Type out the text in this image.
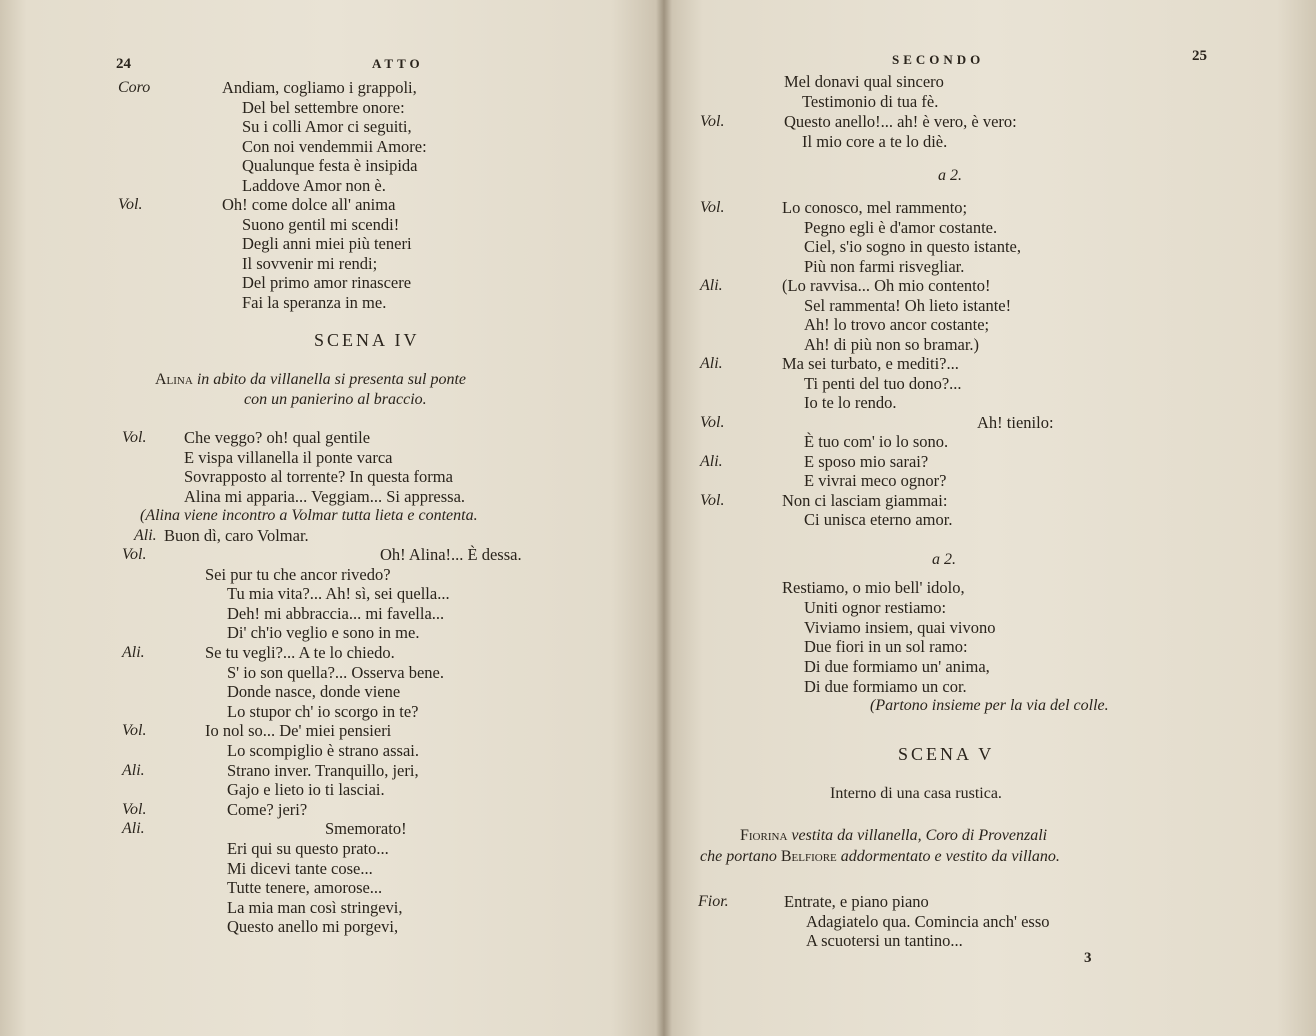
24	ATTO
Coro	Andiam, cogliamo i grappoli,
Del bel settembre onore:
Su i colli Amor ci seguiti,
Con noi vendemmii Amore:
Qualunque festa è insipida
Laddove Amor non è.
Vol.	Oh! come dolce all' anima
Suono gentil mi scendi!
Degli anni miei più teneri
Il sovvenir mi rendi;
Del primo amor rinascere
Fai la speranza in me.
SCENA IV
Alina in abito da villanella si presenta sul ponte
con un panierino al braccio.
Vol. Che veggo? oh! qual gentile
E vispa villanella il ponte varca
Sovrapposto al torrente? In questa forma
Alina mi apparia... Veggiam... Si appressa.
(Alina viene incontro a Volmar tutta lieta e contenta.
Ali. Buon dì, caro Volmar.
Vol.	Oh! Alina!... È dessa.
Sei pur tu che ancor rivedo?
Tu mia vita?... Ah! sì, sei quella...
Deh! mi abbraccia... mi favella...
Di' ch'io veglio e sono in me.
Ali.	Se tu vegli?... A te lo chiedo.
S' io son quella?... Osserva bene.
Donde nasce, donde viene
Lo stupor ch' io scorgo in te?
Vol.	Io nol so... De' miei pensieri
Lo scompiglio è strano assai.
Ali.	Strano inver. Tranquillo, jeri,
Gajo e lieto io ti lasciai.
Vol.	Come? jeri?
Ali.	Smemorato!
Eri qui su questo prato...
Mi dicevi tante cose...
Tutte tenere, amorose...
La mia man così stringevi,
Questo anello mi porgevi,
SECONDO	25
Mel donavi qual sincero
Testimonio di tua fè.
Vol.	Questo anello!... ah! è vero, è vero:
Il mio core a te lo diè.
a 2.
Vol.	Lo conosco, mel rammento;
Pegno egli è d'amor costante.
Ciel, s'io sogno in questo istante,
Più non farmi risvegliar.
Ali.	(Lo ravvisa... Oh mio contento!
Sel rammenta! Oh lieto istante!
Ah! lo trovo ancor costante;
Ah! di più non so bramar.)
Ali.	Ma sei turbato, e mediti?...
Ti penti del tuo dono?...
Io te lo rendo.
Vol.	Ah! tienilo:
È tuo com' io lo sono.
Ali.	E sposo mio sarai?
E vivrai meco ognor?
Vol.	Non ci lasciam giammai:
Ci unisca eterno amor.
a 2.
Restiamo, o mio bell' idolo,
Uniti ognor restiamo:
Viviamo insiem, quai vivono
Due fiori in un sol ramo:
Di due formiamo un' anima,
Di due formiamo un cor.
(Partono insieme per la via del colle.
SCENA V
Interno di una casa rustica.
Fiorina vestita da villanella, Coro di Provenzali
che portano Belfiore addormentato e vestito da villano.
Fior.	Entrate, e piano piano
Adagiatelo qua. Comincia anch' esso
A scuotersi un tantino...
3
